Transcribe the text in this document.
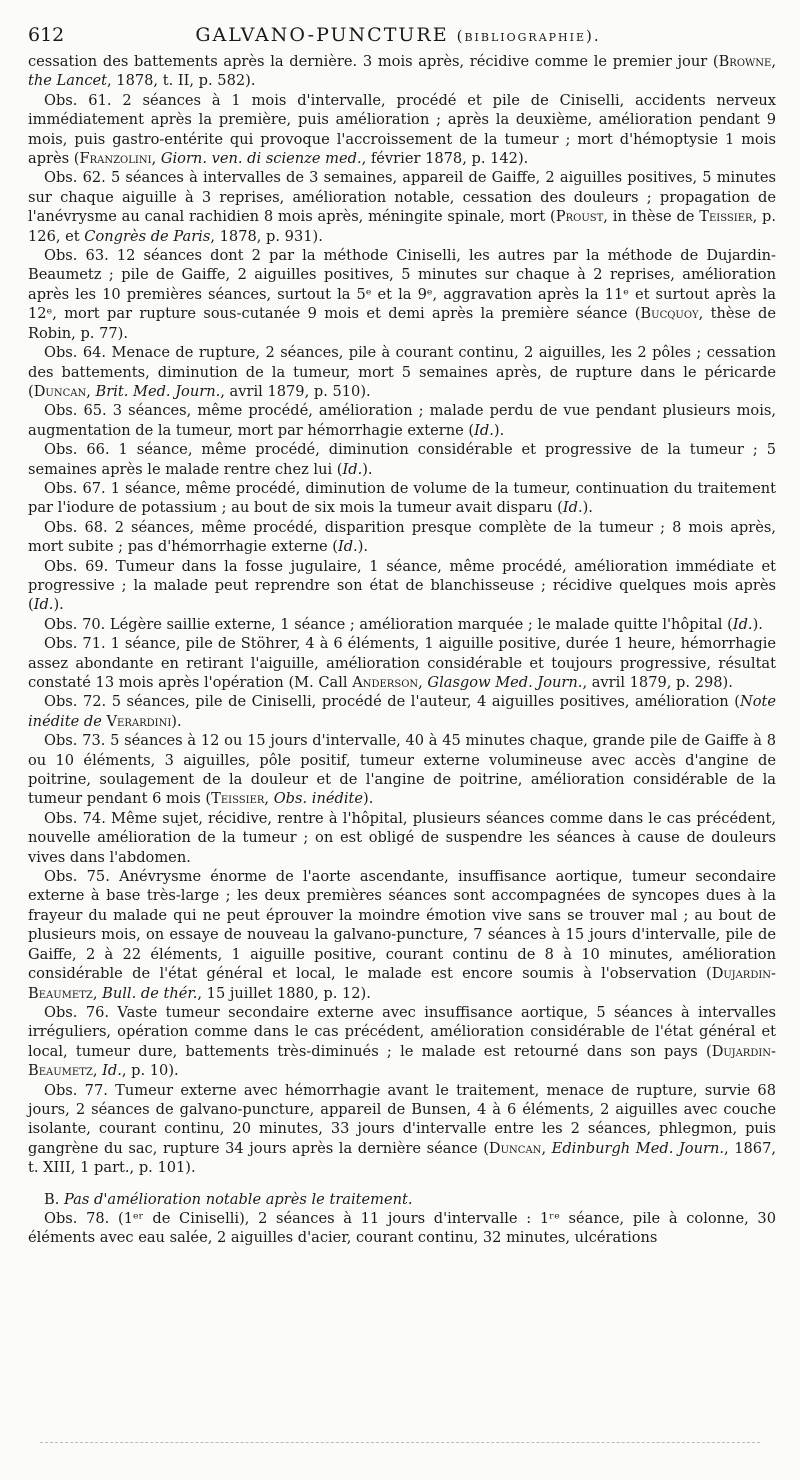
612	GALVANO-PUNCTURE (bibliographie).

cessation des battements après la dernière. 3 mois après, récidive comme le premier jour (Browne, the Lancet, 1878, t. II, p. 582).

Obs. 61. 2 séances à 1 mois d'intervalle, procédé et pile de Ciniselli, accidents nerveux immédiatement après la première, puis amélioration ; après la deuxième, amélioration pendant 9 mois, puis gastro-entérite qui provoque l'accroissement de la tumeur ; mort d'hémoptysie 1 mois après (Franzolini, Giorn. ven. di scienze med., février 1878, p. 142).

Obs. 62. 5 séances à intervalles de 3 semaines, appareil de Gaiffe, 2 aiguilles positives, 5 minutes sur chaque aiguille à 3 reprises, amélioration notable, cessation des douleurs ; propagation de l'anévrysme au canal rachidien 8 mois après, méningite spinale, mort (Proust, in thèse de Teissier, p. 126, et Congrès de Paris, 1878, p. 931).

Obs. 63. 12 séances dont 2 par la méthode Ciniselli, les autres par la méthode de Dujardin-Beaumetz ; pile de Gaiffe, 2 aiguilles positives, 5 minutes sur chaque à 2 reprises, amélioration après les 10 premières séances, surtout la 5ᵉ et la 9ᵉ, aggravation après la 11ᵉ et surtout après la 12ᵉ, mort par rupture sous-cutanée 9 mois et demi après la première séance (Bucquoy, thèse de Robin, p. 77).

Obs. 64. Menace de rupture, 2 séances, pile à courant continu, 2 aiguilles, les 2 pôles ; cessation des battements, diminution de la tumeur, mort 5 semaines après, de rupture dans le péricarde (Duncan, Brit. Med. Journ., avril 1879, p. 510).

Obs. 65. 3 séances, même procédé, amélioration ; malade perdu de vue pendant plusieurs mois, augmentation de la tumeur, mort par hémorrhagie externe (Id.).

Obs. 66. 1 séance, même procédé, diminution considérable et progressive de la tumeur ; 5 semaines après le malade rentre chez lui (Id.).

Obs. 67. 1 séance, même procédé, diminution de volume de la tumeur, continuation du traitement par l'iodure de potassium ; au bout de six mois la tumeur avait disparu (Id.).

Obs. 68. 2 séances, même procédé, disparition presque complète de la tumeur ; 8 mois après, mort subite ; pas d'hémorrhagie externe (Id.).

Obs. 69. Tumeur dans la fosse jugulaire, 1 séance, même procédé, amélioration immédiate et progressive ; la malade peut reprendre son état de blanchisseuse ; récidive quelques mois après (Id.).

Obs. 70. Légère saillie externe, 1 séance ; amélioration marquée ; le malade quitte l'hôpital (Id.).

Obs. 71. 1 séance, pile de Stöhrer, 4 à 6 éléments, 1 aiguille positive, durée 1 heure, hémorrhagie assez abondante en retirant l'aiguille, amélioration considérable et toujours progressive, résultat constaté 13 mois après l'opération (M. Call Anderson, Glasgow Med. Journ., avril 1879, p. 298).

Obs. 72. 5 séances, pile de Ciniselli, procédé de l'auteur, 4 aiguilles positives, amélioration (Note inédite de Verardini).

Obs. 73. 5 séances à 12 ou 15 jours d'intervalle, 40 à 45 minutes chaque, grande pile de Gaiffe à 8 ou 10 éléments, 3 aiguilles, pôle positif, tumeur externe volumineuse avec accès d'angine de poitrine, soulagement de la douleur et de l'angine de poitrine, amélioration considérable de la tumeur pendant 6 mois (Teissier, Obs. inédite).

Obs. 74. Même sujet, récidive, rentre à l'hôpital, plusieurs séances comme dans le cas précédent, nouvelle amélioration de la tumeur ; on est obligé de suspendre les séances à cause de douleurs vives dans l'abdomen.

Obs. 75. Anévrysme énorme de l'aorte ascendante, insuffisance aortique, tumeur secondaire externe à base très-large ; les deux premières séances sont accompagnées de syncopes dues à la frayeur du malade qui ne peut éprouver la moindre émotion vive sans se trouver mal ; au bout de plusieurs mois, on essaye de nouveau la galvano-puncture, 7 séances à 15 jours d'intervalle, pile de Gaiffe, 2 à 22 éléments, 1 aiguille positive, courant continu de 8 à 10 minutes, amélioration considérable de l'état général et local, le malade est encore soumis à l'observation (Dujardin-Beaumetz, Bull. de thér., 15 juillet 1880, p. 12).

Obs. 76. Vaste tumeur secondaire externe avec insuffisance aortique, 5 séances à intervalles irréguliers, opération comme dans le cas précédent, amélioration considérable de l'état général et local, tumeur dure, battements très-diminués ; le malade est retourné dans son pays (Dujardin-Beaumetz, Id., p. 10).

Obs. 77. Tumeur externe avec hémorrhagie avant le traitement, menace de rupture, survie 68 jours, 2 séances de galvano-puncture, appareil de Bunsen, 4 à 6 éléments, 2 aiguilles avec couche isolante, courant continu, 20 minutes, 33 jours d'intervalle entre les 2 séances, phlegmon, puis gangrène du sac, rupture 34 jours après la dernière séance (Duncan, Edinburgh Med. Journ., 1867, t. XIII, 1 part., p. 101).

B. Pas d'amélioration notable après le traitement.

Obs. 78. (1ᵉʳ de Ciniselli), 2 séances à 11 jours d'intervalle : 1ʳᵉ séance, pile à colonne, 30 éléments avec eau salée, 2 aiguilles d'acier, courant continu, 32 minutes, ulcérations
